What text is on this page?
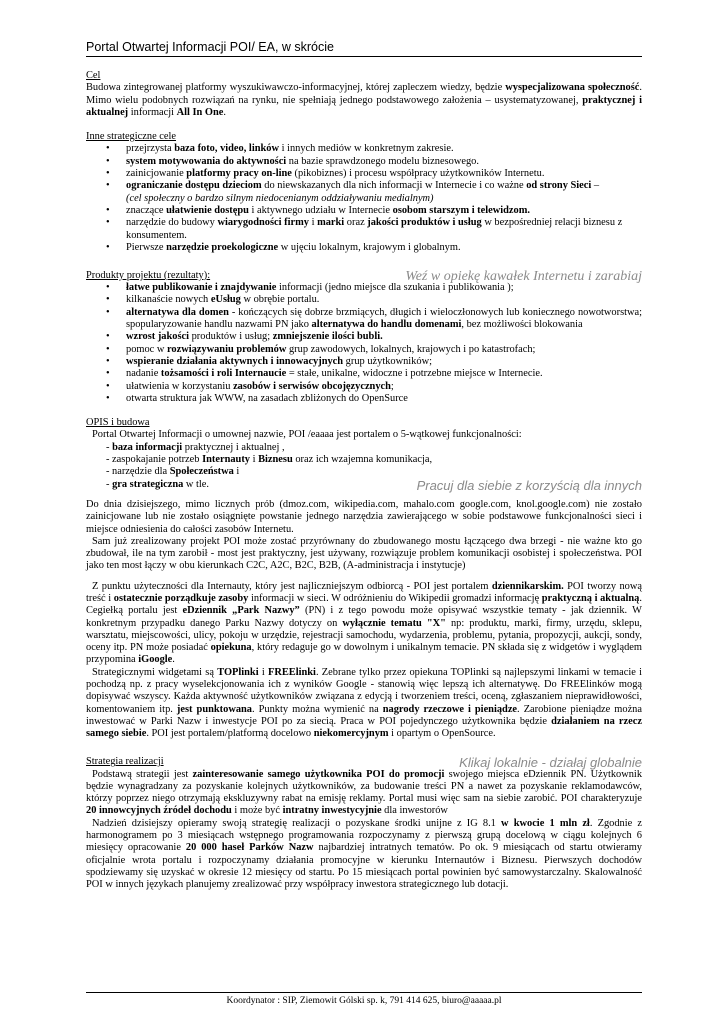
Portal Otwartej Informacji POI/ EA, w skrócie
Cel

Budowa zintegrowanej platformy wyszukiwawczo-informacyjnej, której zapleczem wiedzy, będzie wyspecjalizowana społeczność. Mimo wielu podobnych rozwiązań na rynku, nie spełniają jednego podstawowego założenia – usystematyzowanej, praktycznej i aktualnej informacji All In One.

Inne strategiczne cele
• przejrzysta baza foto, video, linków i innych mediów w konkretnym zakresie.
• system motywowania do aktywności na bazie sprawdzonego modelu biznesowego.
• zainicjowanie platformy pracy on-line (pikobiznes) i procesu współpracy użytkowników Internetu.
• ograniczanie dostępu dzieciom do niewskazanych dla nich informacji w Internecie i co ważne od strony Sieci –
(cel społeczny o bardzo silnym niedocenianym oddziaływaniu medialnym)
• znaczące ułatwienie dostępu i aktywnego udziału w Internecie osobom starszym i telewidzom.
• narzędzie do budowy wiarygodności firmy i marki oraz jakości produktów i usług w bezpośredniej relacji biznesu z konsumentem.
• Pierwsze narzędzie proekologiczne w ujęciu lokalnym, krajowym i globalnym.
Produkty projektu (rezultaty):	Weź w opiekę kawałek Internetu i zarabiaj
• łatwe publikowanie i znajdywanie informacji (jedno miejsce dla szukania i publikowania );
• kilkanaście nowych eUsług w obrębie portalu.
• alternatywa dla domen - kończących się dobrze brzmiących, długich i wieloczłonowych lub koniecznego nowotworstwa; spopularyzowanie handlu nazwami PN jako alternatywa do handlu domenami, bez możliwości blokowania
• wzrost jakości produktów i usług; zmniejszenie ilości bubli.
• pomoc w rozwiązywaniu problemów grup zawodowych, lokalnych, krajowych i po katastrofach;
• wspieranie działania aktywnych i innowacyjnych grup użytkowników;
• nadanie tożsamości i roli Internaucie = stałe, unikalne, widoczne i potrzebne miejsce w Internecie.
• ułatwienia w korzystaniu zasobów i serwisów obcojęzycznych;
• otwarta struktura jak WWW, na zasadach zbliżonych do OpenSurce
OPIS i budowa

Portal Otwartej Informacji o umownej nazwie, POI /eaaaa jest portalem o 5-wątkowej funkcjonalności:

- baza informacji praktycznej i aktualnej ,
- zaspokajanie potrzeb Internauty i Biznesu oraz ich wzajemna komunikacja,
- narzędzie dla Społeczeństwa i
- gra strategiczna w tle.	Pracuj dla siebie z korzyścią dla innych

Do dnia dzisiejszego, mimo licznych prób (dmoz.com, wikipedia.com, mahalo.com google.com, knol.google.com) nie zostało zainicjowane lub nie zostało osiągnięte powstanie jednego narzędzia zawierającego w sobie podstawowe funkcjonalności sieci i miejsce odniesienia do całości zasobów Internetu.

Sam już zrealizowany projekt POI może zostać przyrównany do zbudowanego mostu łączącego dwa brzegi - nie ważne kto go zbudował, ile na tym zarobił - most jest praktyczny, jest używany, rozwiązuje problem komunikacji osobistej i społeczeństwa. POI jako ten most łączy w obu kierunkach C2C, A2C, B2C, B2B, (A-administracja i instytucje)

Z punktu użyteczności dla Internauty, który jest najliczniejszym odbiorcą - POI jest portalem dziennikarskim. POI tworzy nową treść i ostatecznie porządkuje zasoby informacji w sieci. W odróżnieniu do Wikipedii gromadzi informację praktyczną i aktualną. Cegiełką portalu jest eDziennik „Park Nazwy” (PN) i z tego powodu może opisywać wszystkie tematy - jak dziennik. W konkretnym przypadku danego Parku Nazwy dotyczy on wyłącznie tematu "X" np: produktu, marki, firmy, urzędu, sklepu, warsztatu, miejscowości, ulicy, pokoju w urzędzie, rejestracji samochodu, wydarzenia, problemu, pytania, propozycji, aukcji, sondy, oceny itp. PN może posiadać opiekuna, który redaguje go w dowolnym i unikalnym temacie. PN składa się z widgetów i wyglądem przypomina iGoogle.

Strategicznymi widgetami są TOPlinki i FREElinki. Zebrane tylko przez opiekuna TOPlinki są najlepszymi linkami w temacie i pochodzą np. z pracy wyselekcjonowania ich z wyników Google - stanowią więc lepszą ich alternatywę. Do FREElinków mogą dopisywać wszyscy. Każda aktywność użytkowników związana z edycją i tworzeniem treści, oceną, zgłaszaniem nieprawidłowości, komentowaniem itp. jest punktowana. Punkty można wymienić na nagrody rzeczowe i pieniądze. Zarobione pieniądze można inwestować w Parki Nazw i inwestycje POI po za siecią. Praca w POI pojedynczego użytkownika będzie działaniem na rzecz samego siebie. POI jest portalem/platformą docelowo niekomercyjnym i opartym o OpenSource.

Strategia realizacji	Klikaj lokalnie - działaj globalnie

Podstawą strategii jest zainteresowanie samego użytkownika POI do promocji swojego miejsca eDziennik PN. Użytkownik będzie wynagradzany za pozyskanie kolejnych użytkowników, za budowanie treści PN a nawet za pozyskanie reklamodawców, którzy poprzez niego otrzymają ekskluzywny rabat na emisję reklamy. Portal musi więc sam na siebie zarobić. POI charakteryzuje 20 innowcyjnych źródeł dochodu i może być intratny inwestycyjnie dla inwestorów

Nadzień dzisiejszy opieramy swoją strategię realizacji o pozyskane środki unijne z IG 8.1 w kwocie 1 mln zł. Zgodnie z harmonogramem po 3 miesiącach wstępnego programowania rozpoczynamy z pierwszą grupą docelową w ciągu kolejnych 6 miesięcy opracowanie 20 000 haseł Parków Nazw najbardziej intratnych tematów. Po ok. 9 miesiącach od startu otwieramy oficjalnie wrota portalu i rozpoczynamy działania promocyjne w kierunku Internautów i Biznesu. Pierwszych dochodów spodziewamy się uzyskać w okresie 12 miesięcy od startu. Po 15 miesiącach portal powinien być samowystarczalny. Skalowalność POI w innych językach planujemy zrealizować przy współpracy inwestora strategicznego lub dotacji.

Koordynator : SIP, Ziemowit Gólski sp. k, 791 414 625, biuro@aaaaa.pl
